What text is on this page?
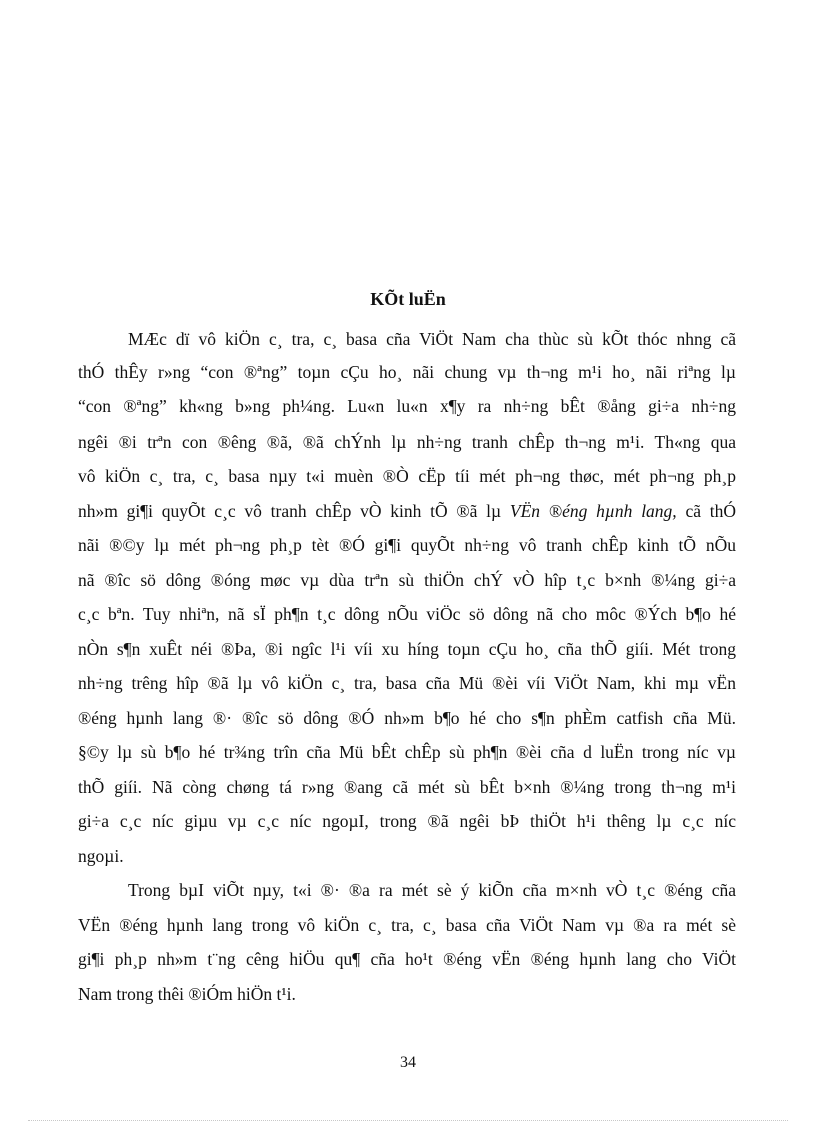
KÕt luËn
MÆc dï vô kiÖn c¸ tra, c¸ basa cña ViÖt Nam cha thùc sù kÕt thóc nhng cã
thÓ thÊy r»ng “con ®ªng” toµn cÇu ho¸ nãi chung vµ th¬ng m¹i ho¸ nãi riªng lµ
“con ®ªng” kh«ng b»ng ph¼ng. Lu«n lu«n x¶y ra nh÷ng bÊt ®ång gi÷a nh÷ng
ngêi ®i trªn con ®êng ®ã, ®ã chÝnh lµ nh÷ng tranh chÊp th¬ng m¹i. Th«ng qua
vô kiÖn c¸ tra, c¸ basa nµy t«i muèn ®Ò cËp tíi mét ph¬ng thøc, mét ph¬ng ph¸p
nh»m gi¶i quyÕt c¸c vô tranh chÊp vÒ kinh tÕ ®ã lµ VËn ®éng hµnh lang, cã thÓ
nãi ®©y lµ mét ph¬ng ph¸p tèt ®Ó gi¶i quyÕt nh÷ng vô tranh chÊp kinh tÕ nÕu
nã ®îc sö dông ®óng møc vµ dùa trªn sù thiÖn chÝ vÒ hîp t¸c b×nh ®¼ng gi÷a
c¸c bªn. Tuy nhiªn, nã sÏ ph¶n t¸c dông nÕu viÖc sö dông nã cho môc ®Ých b¶o hé
nÒn s¶n xuÊt néi ®Þa, ®i ngîc l¹i víi xu híng toµn cÇu ho¸ cña thÕ giíi. Mét trong
nh÷ng trêng hîp ®ã lµ vô kiÖn c¸ tra, basa cña Mü ®èi víi ViÖt Nam, khi mµ vËn
®éng hµnh lang ®· ®îc sö dông ®Ó nh»m b¶o hé cho s¶n phÈm catfish cña Mü.
§©y lµ sù b¶o hé tr¾ng trîn cña Mü bÊt chÊp sù ph¶n ®èi cña d luËn trong níc vµ
thÕ giíi. Nã còng chøng tá r»ng ®ang cã mét sù bÊt b×nh ®¼ng trong th¬ng m¹i
gi÷a c¸c níc giµu vµ c¸c níc ngoµI, trong ®ã ngêi bÞ thiÖt h¹i thêng lµ c¸c níc
ngoµi.
Trong bµI viÕt nµy, t«i ®· ®a ra mét sè ý kiÕn cña m×nh vÒ t¸c ®éng cña
VËn ®éng hµnh lang trong vô kiÖn c¸ tra, c¸ basa cña ViÖt Nam vµ ®a ra mét sè
gi¶i ph¸p nh»m t¨ng cêng hiÖu qu¶ cña ho¹t ®éng vËn ®éng hµnh lang cho ViÖt
Nam trong thêi ®iÓm hiÖn t¹i.
34
